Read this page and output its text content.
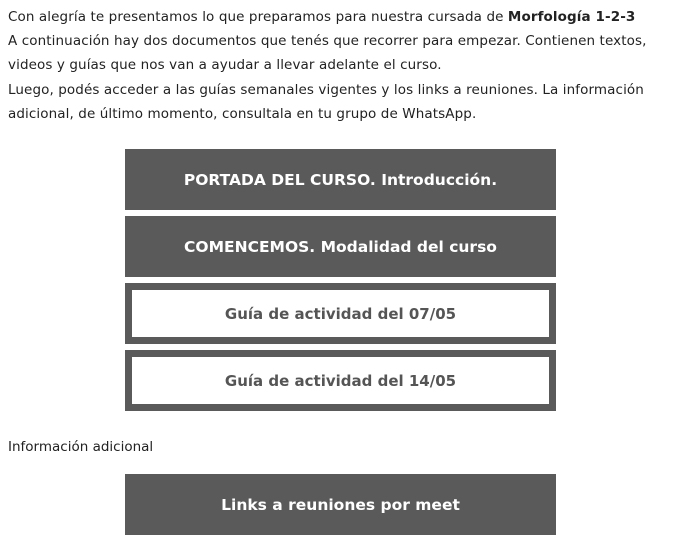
Con alegría te presentamos lo que preparamos para nuestra cursada de Morfología 1-2-3

A continuación hay dos documentos que tenés que recorrer para empezar. Contienen textos, videos y guías que nos van a ayudar a llevar adelante el curso.

Luego, podés acceder a las guías semanales vigentes y los links a reuniones. La información adicional, de último momento, consultala en tu grupo de WhatsApp.

PORTADA DEL CURSO. Introducción.
COMENCEMOS. Modalidad del curso
Guía de actividad del 07/05
Guía de actividad del 14/05
Información adicional
Links a reuniones por meet
